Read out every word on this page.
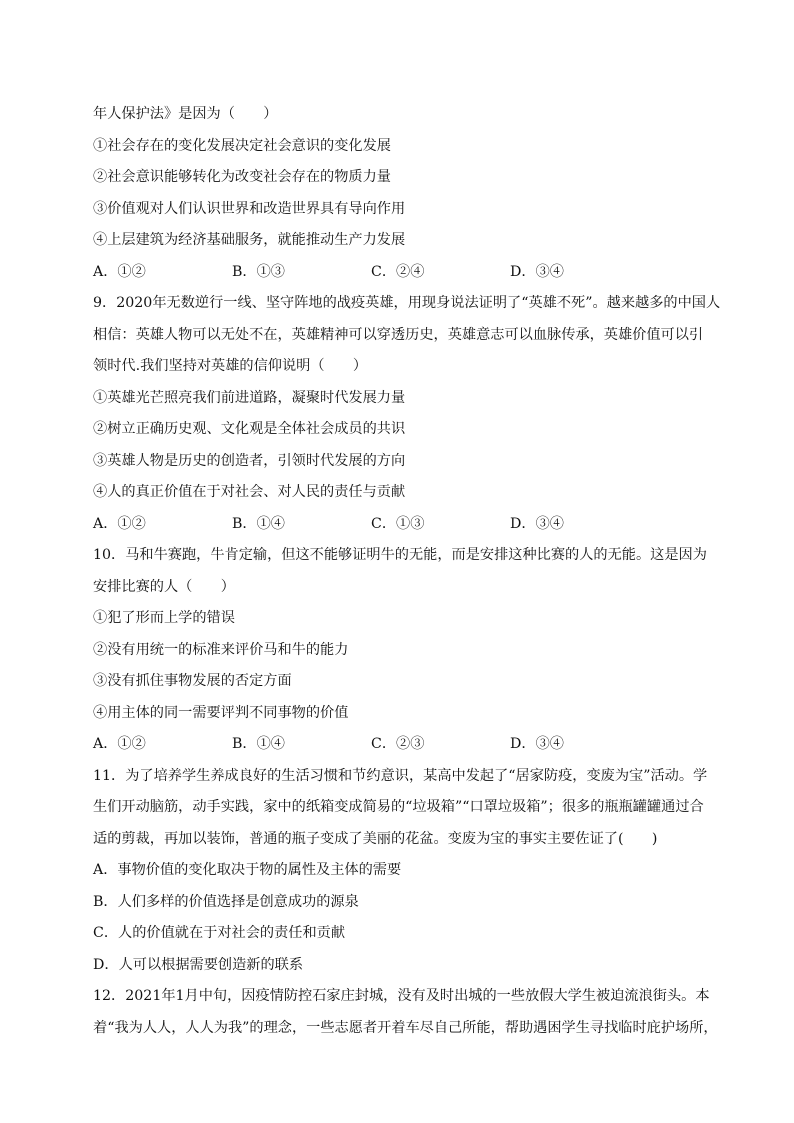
年人保护法》是因为（　　）
①社会存在的变化发展决定社会意识的变化发展
②社会意识能够转化为改变社会存在的物质力量
③价值观对人们认识世界和改造世界具有导向作用
④上层建筑为经济基础服务，就能推动生产力发展
A．①②	B．①③	C．②④	D．③④
9．2020年无数逆行一线、坚守阵地的战疫英雄，用现身说法证明了“英雄不死”。越来越多的中国人
相信：英雄人物可以无处不在，英雄精神可以穿透历史，英雄意志可以血脉传承，英雄价值可以引
领时代.我们坚持对英雄的信仰说明（　　）
①英雄光芒照亮我们前进道路，凝聚时代发展力量
②树立正确历史观、文化观是全体社会成员的共识
③英雄人物是历史的创造者，引领时代发展的方向
④人的真正价值在于对社会、对人民的责任与贡献
A．①②	B．①④	C．①③	D．③④
10．马和牛赛跑，牛肯定输，但这不能够证明牛的无能，而是安排这种比赛的人的无能。这是因为
安排比赛的人（　　）
①犯了形而上学的错误
②没有用统一的标准来评价马和牛的能力
③没有抓住事物发展的否定方面
④用主体的同一需要评判不同事物的价值
A．①②	B．①④	C．②③	D．③④
11．为了培养学生养成良好的生活习惯和节约意识，某高中发起了“居家防疫，变废为宝”活动。学
生们开动脑筋，动手实践，家中的纸箱变成简易的“垃圾箱”“口罩垃圾箱”；很多的瓶瓶罐罐通过合
适的剪裁，再加以装饰，普通的瓶子变成了美丽的花盆。变废为宝的事实主要佐证了(　　)
A．事物价值的变化取决于物的属性及主体的需要
B．人们多样的价值选择是创意成功的源泉
C．人的价值就在于对社会的责任和贡献
D．人可以根据需要创造新的联系
12．2021年1月中旬，因疫情防控石家庄封城，没有及时出城的一些放假大学生被迫流浪街头。本
着“我为人人，人人为我”的理念，一些志愿者开着车尽自己所能，帮助遇困学生寻找临时庇护场所，
